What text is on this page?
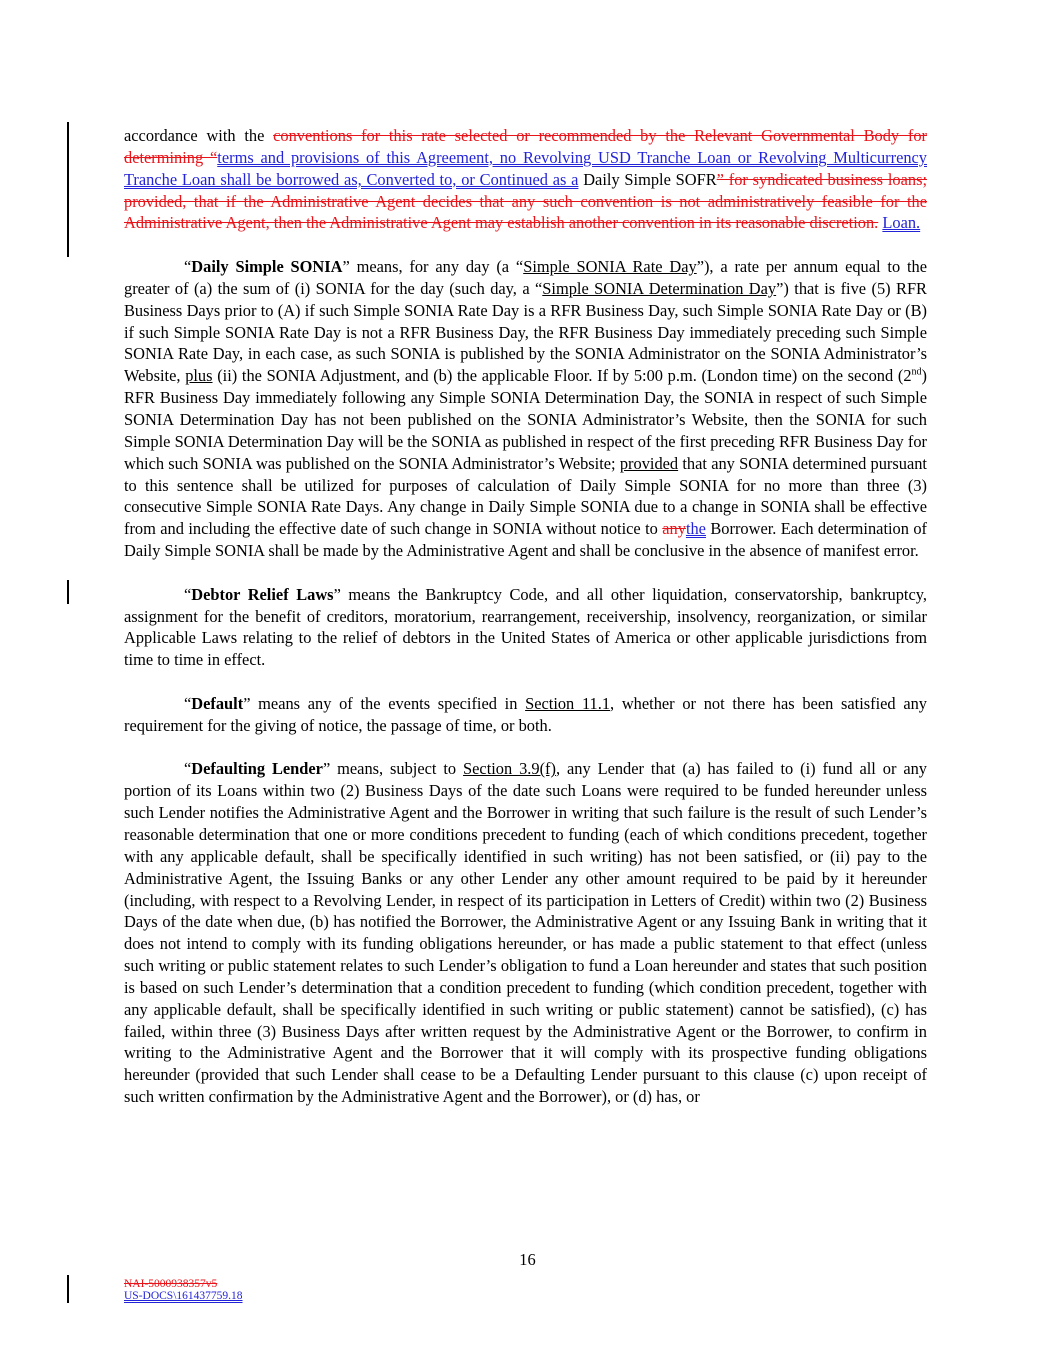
accordance with the conventions for this rate selected or recommended by the Relevant Governmental Body for determining “terms and provisions of this Agreement, no Revolving USD Tranche Loan or Revolving Multicurrency Tranche Loan shall be borrowed as, Converted to, or Continued as a Daily Simple SOFR” for syndicated business loans; provided, that if the Administrative Agent decides that any such convention is not administratively feasible for the Administrative Agent, then the Administrative Agent may establish another convention in its reasonable discretion. Loan.

“Daily Simple SONIA” means, for any day (a “Simple SONIA Rate Day”), a rate per annum equal to the greater of (a) the sum of (i) SONIA for the day (such day, a “Simple SONIA Determination Day”) that is five (5) RFR Business Days prior to (A) if such Simple SONIA Rate Day is a RFR Business Day, such Simple SONIA Rate Day or (B) if such Simple SONIA Rate Day is not a RFR Business Day, the RFR Business Day immediately preceding such Simple SONIA Rate Day, in each case, as such SONIA is published by the SONIA Administrator on the SONIA Administrator’s Website, plus (ii) the SONIA Adjustment, and (b) the applicable Floor. If by 5:00 p.m. (London time) on the second (2nd) RFR Business Day immediately following any Simple SONIA Determination Day, the SONIA in respect of such Simple SONIA Determination Day has not been published on the SONIA Administrator’s Website, then the SONIA for such Simple SONIA Determination Day will be the SONIA as published in respect of the first preceding RFR Business Day for which such SONIA was published on the SONIA Administrator’s Website; provided that any SONIA determined pursuant to this sentence shall be utilized for purposes of calculation of Daily Simple SONIA for no more than three (3) consecutive Simple SONIA Rate Days. Any change in Daily Simple SONIA due to a change in SONIA shall be effective from and including the effective date of such change in SONIA without notice to anythe Borrower. Each determination of Daily Simple SONIA shall be made by the Administrative Agent and shall be conclusive in the absence of manifest error.

“Debtor Relief Laws” means the Bankruptcy Code, and all other liquidation, conservatorship, bankruptcy, assignment for the benefit of creditors, moratorium, rearrangement, receivership, insolvency, reorganization, or similar Applicable Laws relating to the relief of debtors in the United States of America or other applicable jurisdictions from time to time in effect.

“Default” means any of the events specified in Section 11.1, whether or not there has been satisfied any requirement for the giving of notice, the passage of time, or both.

“Defaulting Lender” means, subject to Section 3.9(f), any Lender that (a) has failed to (i) fund all or any portion of its Loans within two (2) Business Days of the date such Loans were required to be funded hereunder unless such Lender notifies the Administrative Agent and the Borrower in writing that such failure is the result of such Lender’s reasonable determination that one or more conditions precedent to funding (each of which conditions precedent, together with any applicable default, shall be specifically identified in such writing) has not been satisfied, or (ii) pay to the Administrative Agent, the Issuing Banks or any other Lender any other amount required to be paid by it hereunder (including, with respect to a Revolving Lender, in respect of its participation in Letters of Credit) within two (2) Business Days of the date when due, (b) has notified the Borrower, the Administrative Agent or any Issuing Bank in writing that it does not intend to comply with its funding obligations hereunder, or has made a public statement to that effect (unless such writing or public statement relates to such Lender’s obligation to fund a Loan hereunder and states that such position is based on such Lender’s determination that a condition precedent to funding (which condition precedent, together with any applicable default, shall be specifically identified in such writing or public statement) cannot be satisfied), (c) has failed, within three (3) Business Days after written request by the Administrative Agent or the Borrower, to confirm in writing to the Administrative Agent and the Borrower that it will comply with its prospective funding obligations hereunder (provided that such Lender shall cease to be a Defaulting Lender pursuant to this clause (c) upon receipt of such written confirmation by the Administrative Agent and the Borrower), or (d) has, or

16
NAI-5000938357v5
US-DOCS\161437759.18
